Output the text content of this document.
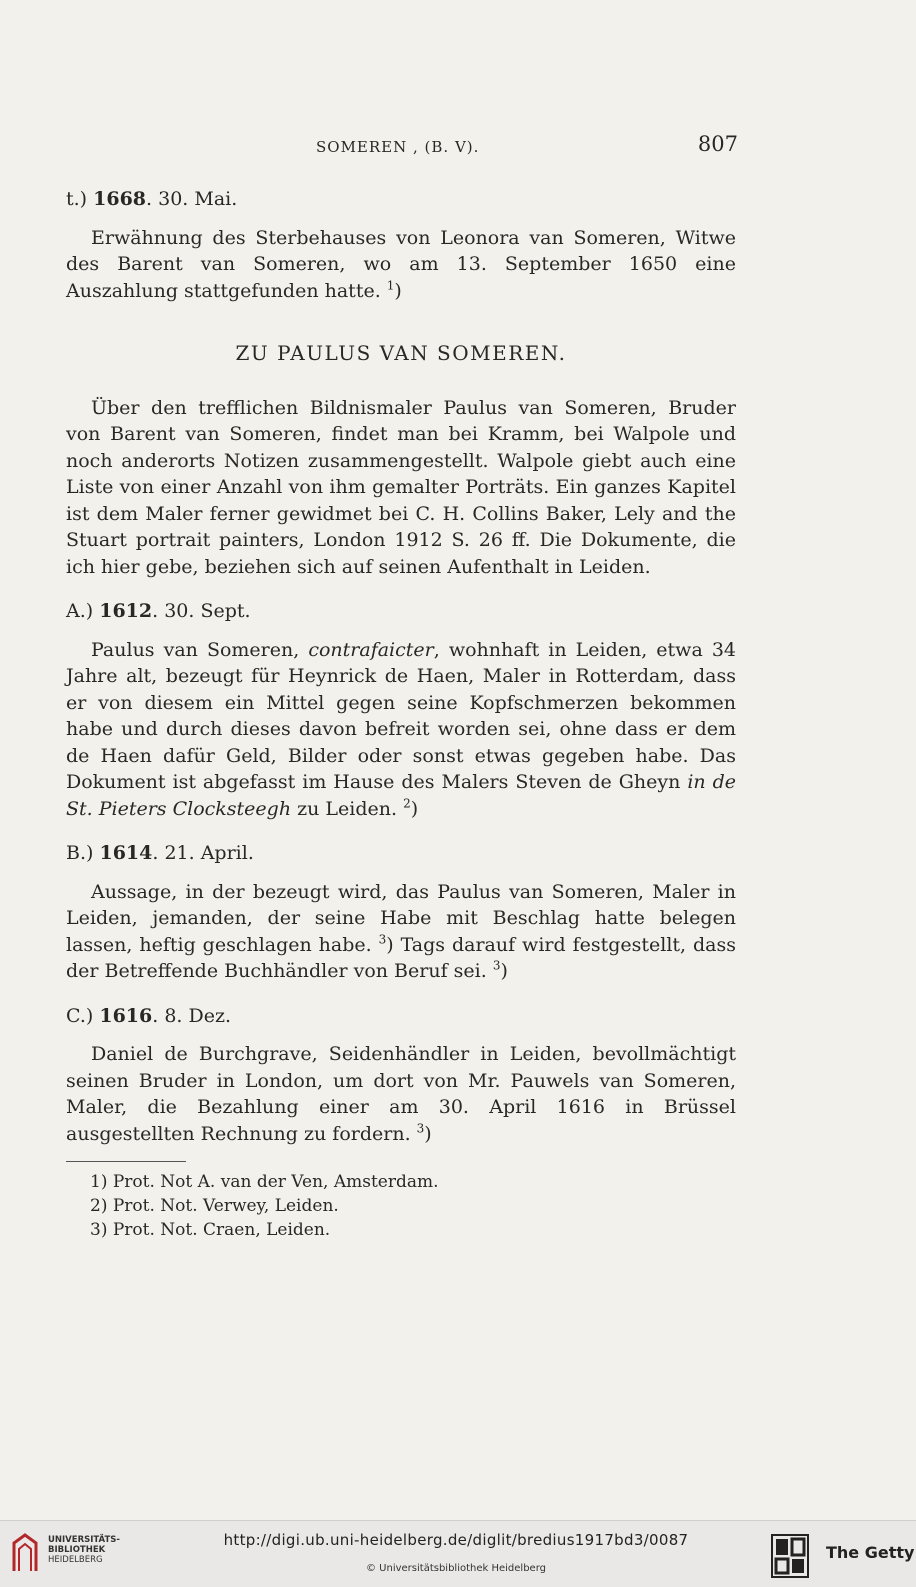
SOMEREN , (B. V).	807

t.) 1668. 30. Mai.

Erwähnung des Sterbehauses von Leonora van Someren, Witwe des Barent van Someren, wo am 13. September 1650 eine Auszahlung stattgefunden hatte. $^1$)

ZU PAULUS VAN SOMEREN.

Über den trefflichen Bildnismaler Paulus van Someren, Bruder von Barent van Someren, findet man bei Kramm, bei Walpole und noch anderorts Notizen zusammengestellt. Walpole giebt auch eine Liste von einer Anzahl von ihm gemalter Porträts. Ein ganzes Kapitel ist dem Maler ferner gewidmet bei C. H. Collins Baker, Lely and the Stuart portrait painters, London 1912 S. 26 ff. Die Dokumente, die ich hier gebe, beziehen sich auf seinen Aufenthalt in Leiden.

A.) 1612. 30. Sept.

Paulus van Someren, contrafaicter, wohnhaft in Leiden, etwa 34 Jahre alt, bezeugt für Heynrick de Haen, Maler in Rotterdam, dass er von diesem ein Mittel gegen seine Kopfschmerzen bekommen habe und durch dieses davon befreit worden sei, ohne dass er dem de Haen dafür Geld, Bilder oder sonst etwas gegeben habe. Das Dokument ist abgefasst im Hause des Malers Steven de Gheyn in de St. Pieters Clocksteegh zu Leiden. $^2$)

B.) 1614. 21. April.

Aussage, in der bezeugt wird, das Paulus van Someren, Maler in Leiden, jemanden, der seine Habe mit Beschlag hatte belegen lassen, heftig geschlagen habe. $^3$) Tags darauf wird festgestellt, dass der Betreffende Buchhändler von Beruf sei. $^3$)

C.) 1616. 8. Dez.

Daniel de Burchgrave, Seidenhändler in Leiden, bevollmächtigt seinen Bruder in London, um dort von Mr. Pauwels van Someren, Maler, die Bezahlung einer am 30. April 1616 in Brüssel ausgestellten Rechnung zu fordern. $^3$)

1) Prot. Not A. van der Ven, Amsterdam.
2) Prot. Not. Verwey, Leiden.
3) Prot. Not. Craen, Leiden.
UNIVERSITÄTS-
BIBLIOTHEK
HEIDELBERG
http://digi.ub.uni-heidelberg.de/diglit/bredius1917bd3/0087
© Universitätsbibliothek Heidelberg
The Getty
